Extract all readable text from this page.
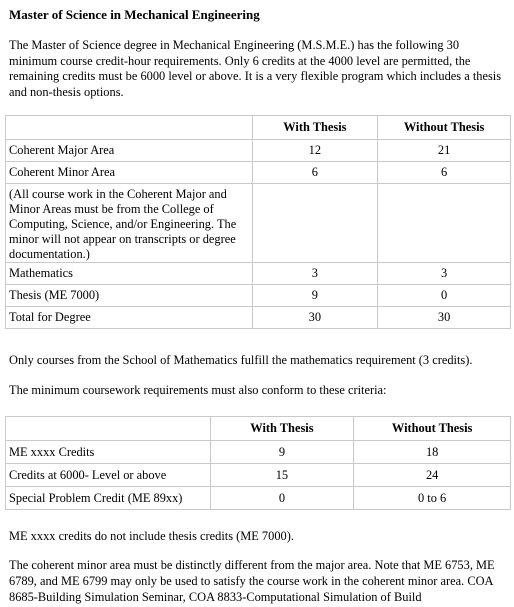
Master of Science in Mechanical Engineering

The Master of Science degree in Mechanical Engineering (M.S.M.E.) has the following 30 minimum course credit-hour requirements. Only 6 credits at the 4000 level are permitted, the remaining credits must be 6000 level or above. It is a very flexible program which includes a thesis and non-thesis options.

	With Thesis	Without Thesis
Coherent Major Area	12	21
Coherent Minor Area	6	6
(All course work in the Coherent Major and Minor Areas must be from the College of Computing, Science, and/or Engineering. The minor will not appear on transcripts or degree documentation.)		
Mathematics	3	3
Thesis (ME 7000)	9	0
Total for Degree	30	30

Only courses from the School of Mathematics fulfill the mathematics requirement (3 credits).

The minimum coursework requirements must also conform to these criteria:

	With Thesis	Without Thesis
ME xxxx Credits	9	18
Credits at 6000- Level or above	15	24
Special Problem Credit (ME 89xx)	0	0 to 6

ME xxxx credits do not include thesis credits (ME 7000).

The coherent minor area must be distinctly different from the major area. Note that ME 6753, ME 6789, and ME 6799 may only be used to satisfy the course work in the coherent minor area. COA 8685-Building Simulation Seminar, COA 8833-Computational Simulation of Build
